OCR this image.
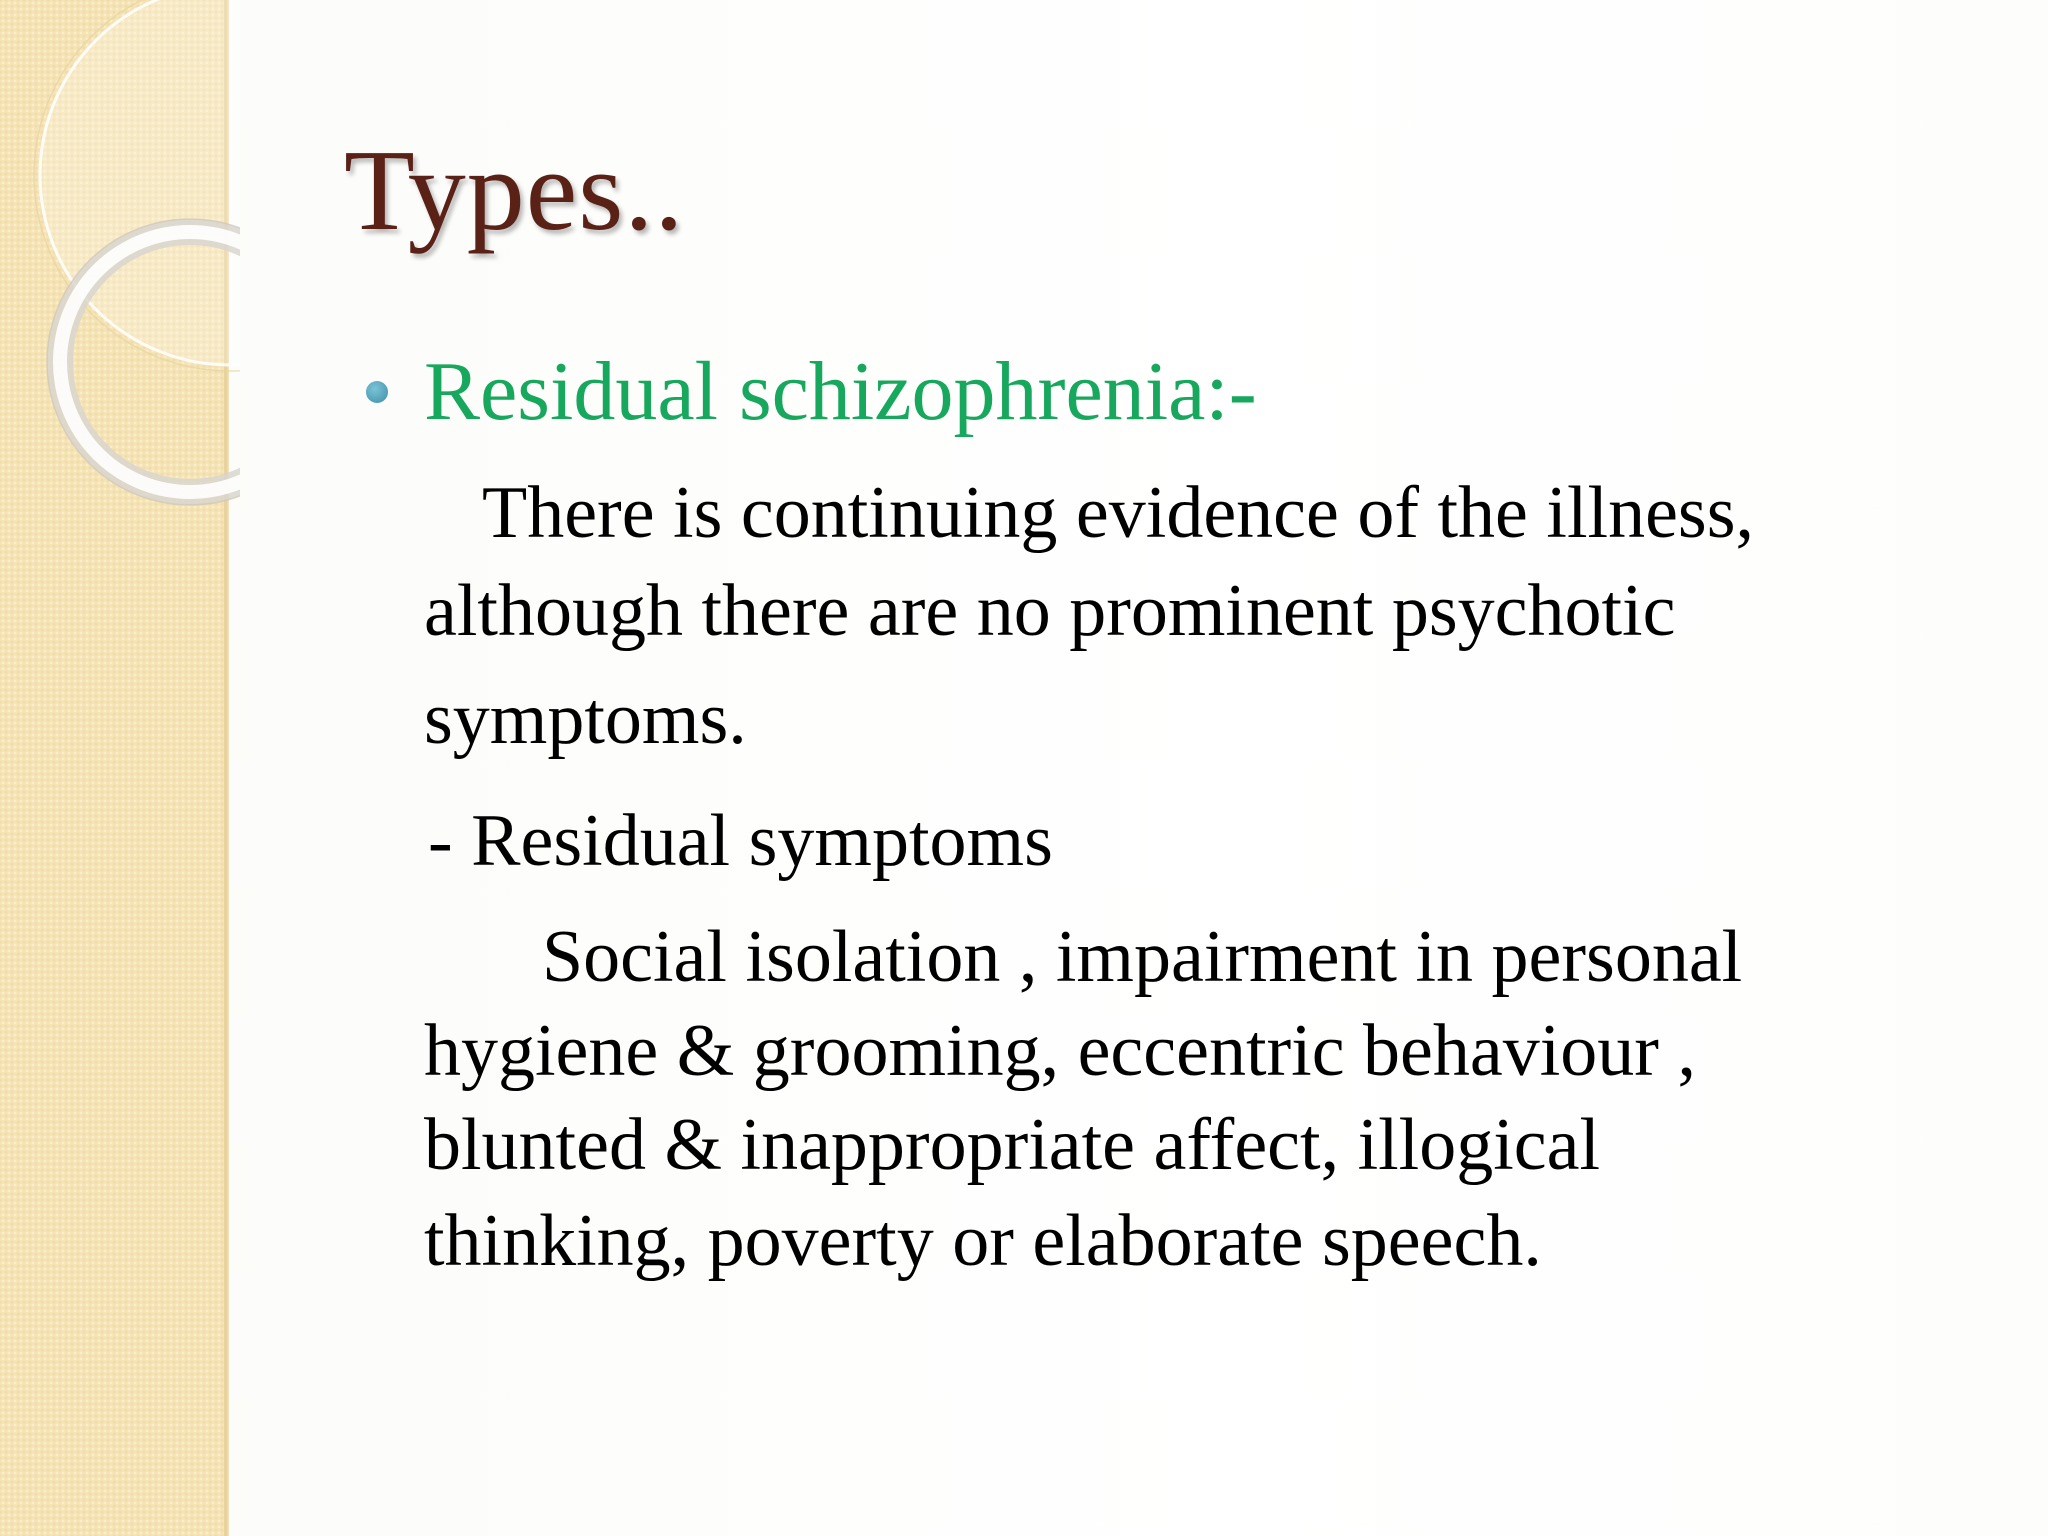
Types..
Residual schizophrenia:-
There is continuing evidence of the illness,
although there are no prominent psychotic
symptoms.
- Residual symptoms
Social isolation , impairment in personal
hygiene & grooming, eccentric behaviour ,
blunted & inappropriate affect, illogical
thinking, poverty or elaborate speech.
